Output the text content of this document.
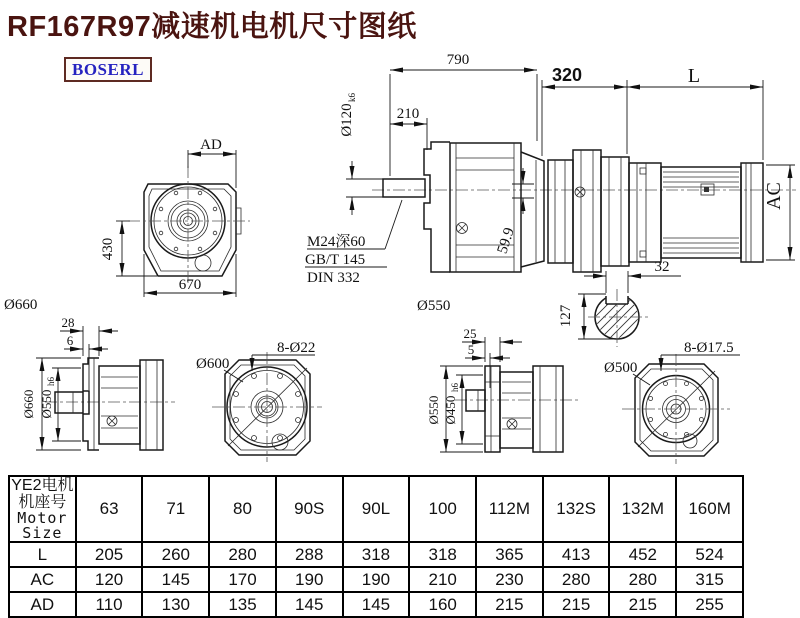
RF167R97减速机电机尺寸图纸
BOSERL
AD
430
670
Ø660
790
210
Ø120
k6
M24深60
GB/T 145
DIN 332
59.9
Ø550
320	L
AC
32
127
28
6
Ø660 Ø550
h6
Ø600
8-Ø22
25
5
Ø550 Ø450
h6
Ø500
8-Ø17.5
YE2电机机座号
Motor Size	63	71	80	90S	90L	100	112M	132S	132M	160M
L	205	260	280	288	318	318	365	413	452	524
AC	120	145	170	190	190	210	230	280	280	315
AD	110	130	135	145	145	160	215	215	215	255
